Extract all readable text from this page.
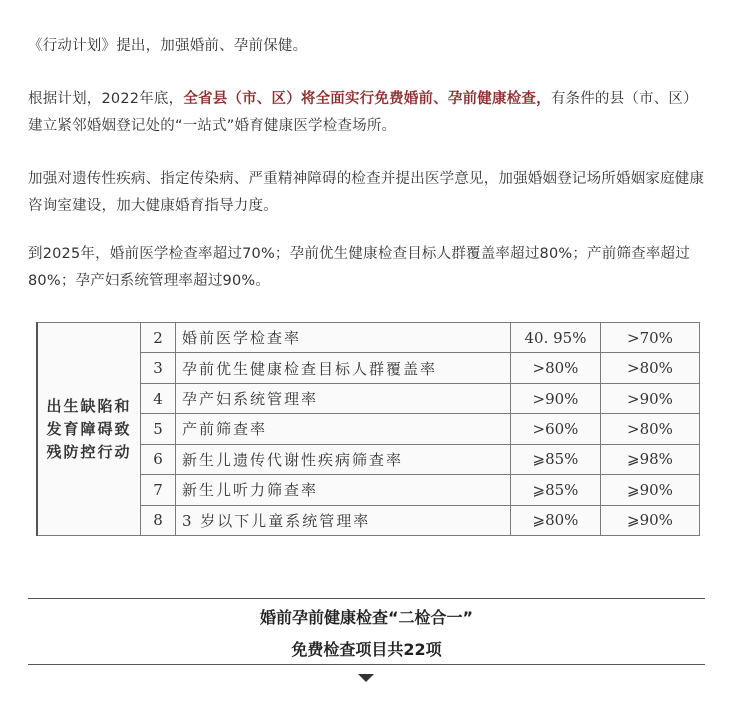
《行动计划》提出，加强婚前、孕前保健。

根据计划，2022年底，全省县（市、区）将全面实行免费婚前、孕前健康检查，有条件的县（市、区）建立紧邻婚姻登记处的“一站式”婚育健康医学检查场所。

加强对遗传性疾病、指定传染病、严重精神障碍的检查并提出医学意见，加强婚姻登记场所婚姻家庭健康咨询室建设，加大健康婚育指导力度。

到2025年，婚前医学检查率超过70%；孕前优生健康检查目标人群覆盖率超过80%；产前筛查率超过80%；孕产妇系统管理率超过90%。

出生缺陷和发育障碍致残防控行动	2	婚前医学检查率	40. 95%	>70%
	3	孕前优生健康检查目标人群覆盖率	>80%	>80%
	4	孕产妇系统管理率	>90%	>90%
	5	产前筛查率	>60%	>80%
	6	新生儿遗传代谢性疾病筛查率	⩾85%	⩾98%
	7	新生儿听力筛查率	⩾85%	⩾90%
	8	3 岁以下儿童系统管理率	⩾80%	⩾90%
婚前孕前健康检查“二检合一”
免费检查项目共22项
